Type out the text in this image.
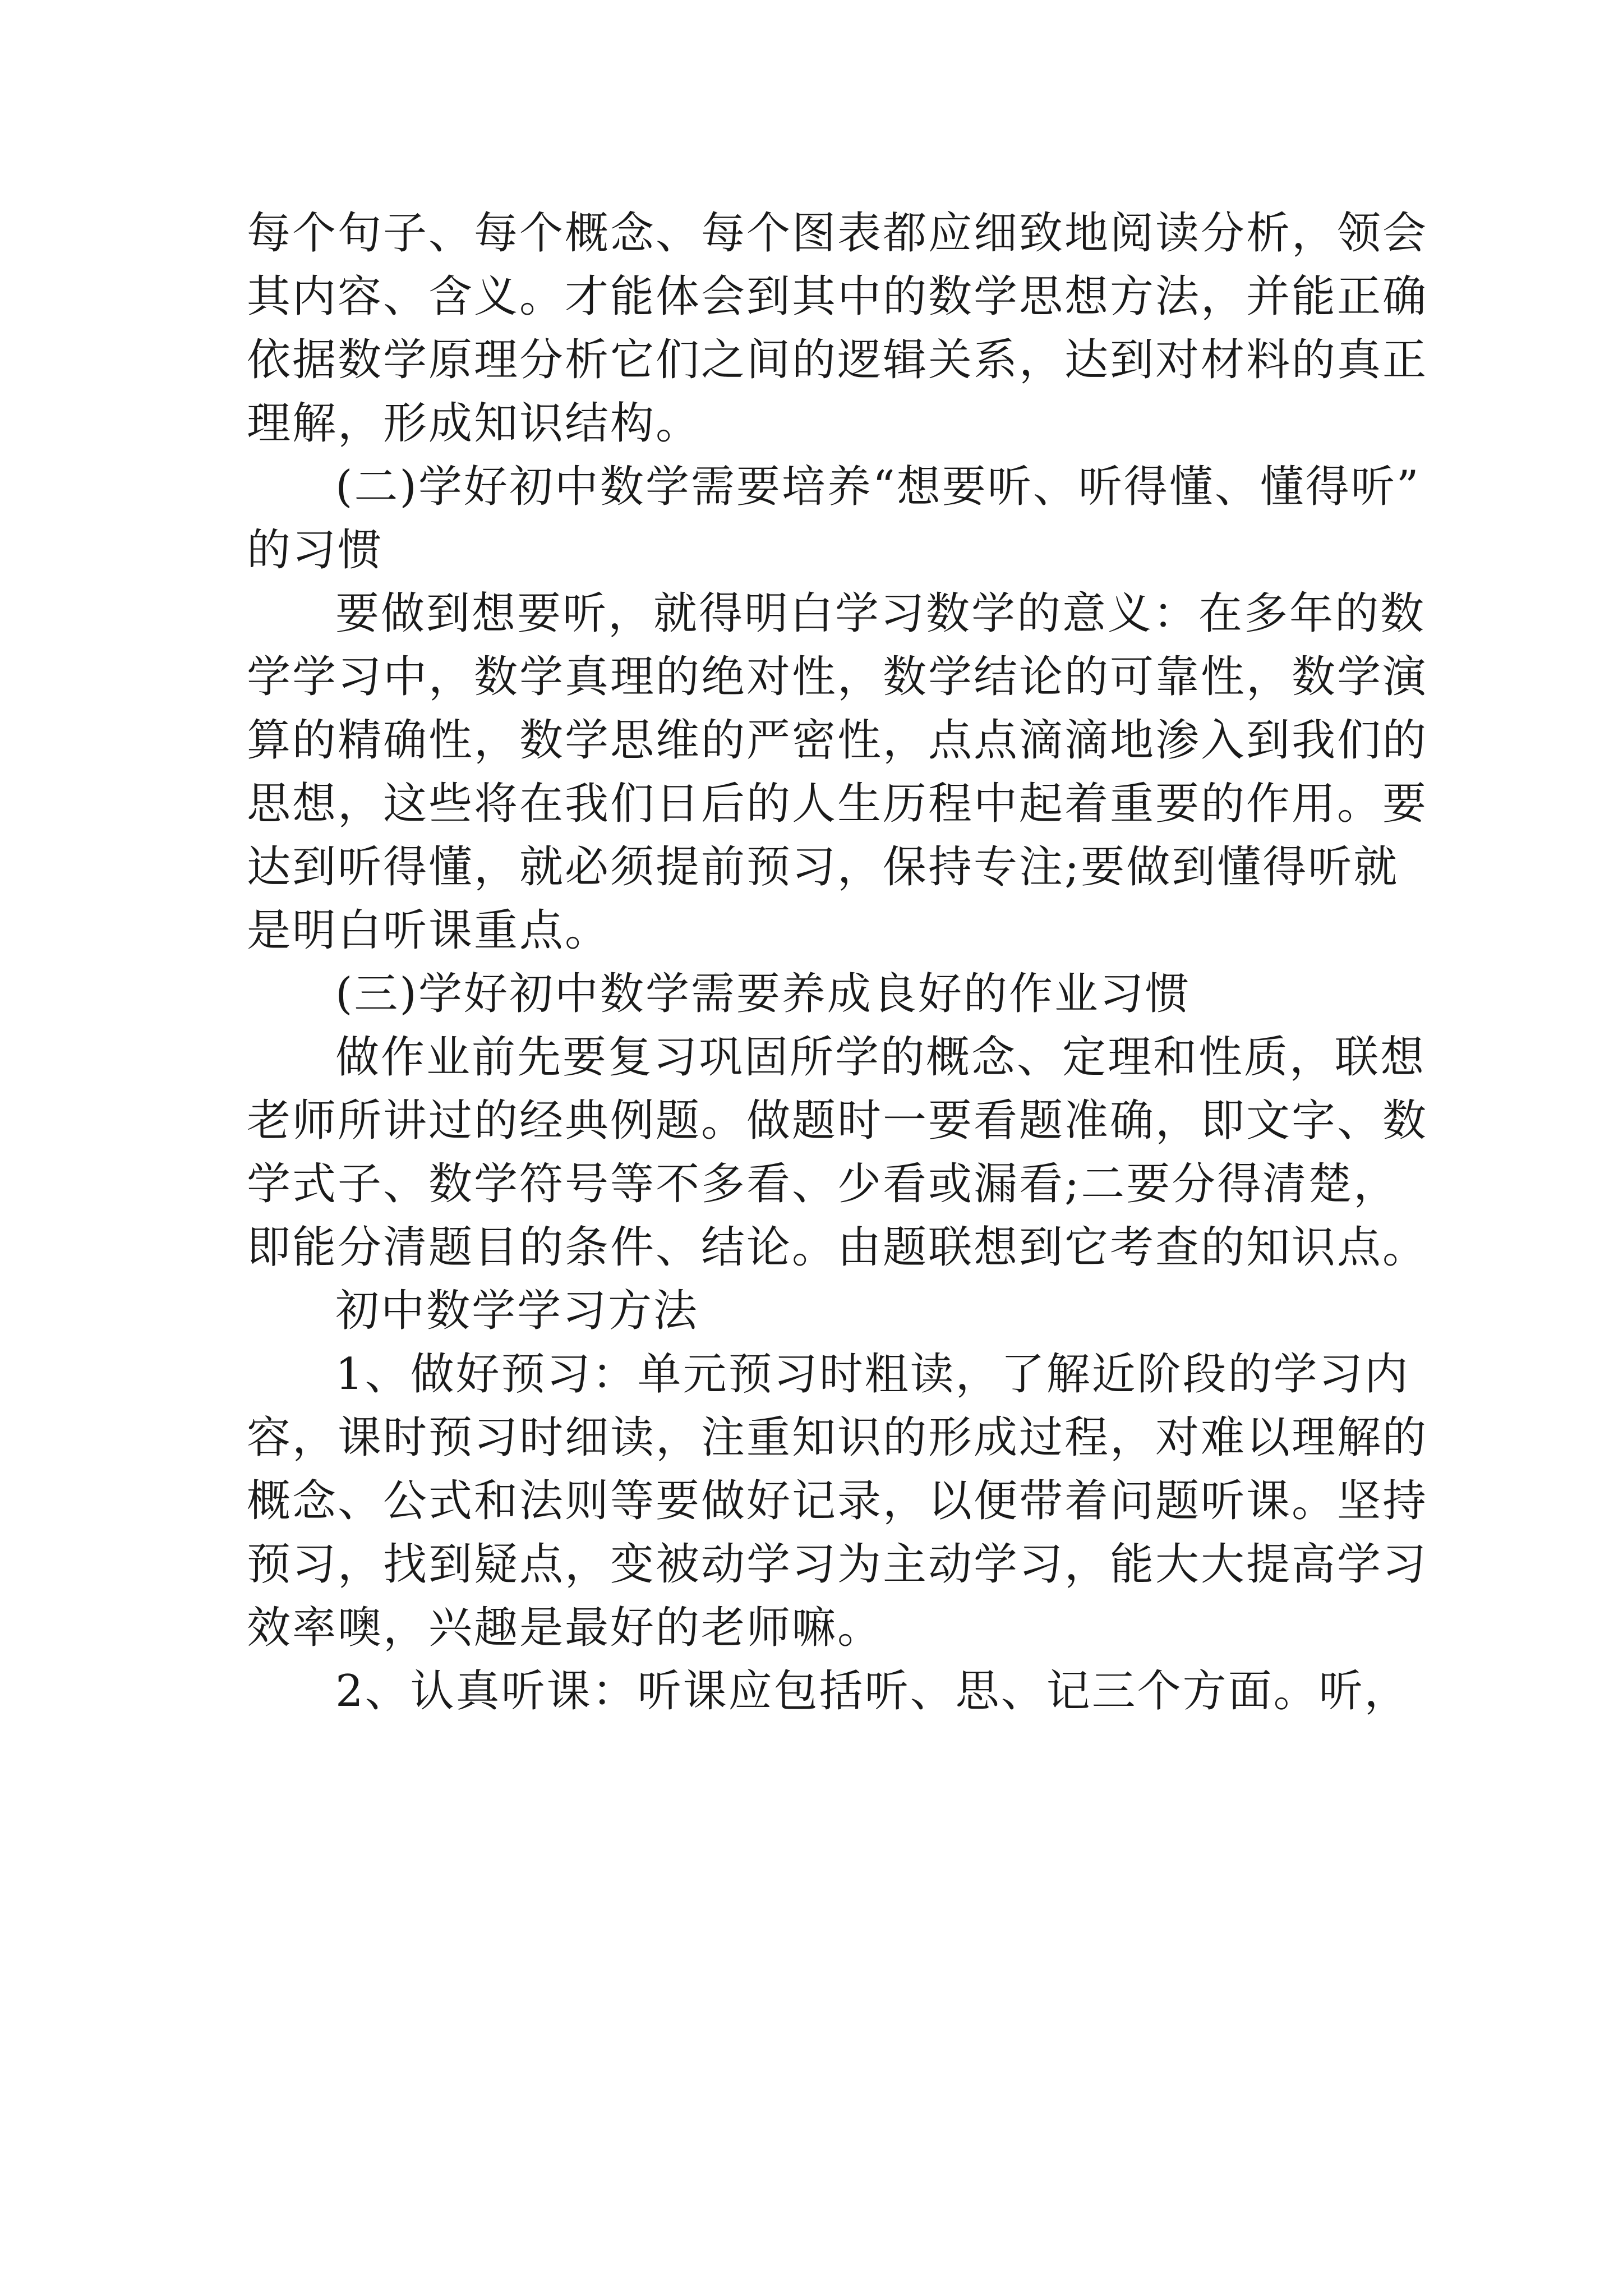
每个句子、每个概念、每个图表都应细致地阅读分析，领会
其内容、含义。才能体会到其中的数学思想方法，并能正确
依据数学原理分析它们之间的逻辑关系，达到对材料的真正
理解，形成知识结构。
(二)学好初中数学需要培养“想要听、听得懂、懂得听”
的习惯
要做到想要听，就得明白学习数学的意义：在多年的数
学学习中，数学真理的绝对性，数学结论的可靠性，数学演
算的精确性，数学思维的严密性，点点滴滴地渗入到我们的
思想，这些将在我们日后的人生历程中起着重要的作用。要
达到听得懂，就必须提前预习，保持专注;要做到懂得听就
是明白听课重点。
(三)学好初中数学需要养成良好的作业习惯
做作业前先要复习巩固所学的概念、定理和性质，联想
老师所讲过的经典例题。做题时一要看题准确，即文字、数
学式子、数学符号等不多看、少看或漏看;二要分得清楚，
即能分清题目的条件、结论。由题联想到它考查的知识点。
初中数学学习方法
1、做好预习：单元预习时粗读，了解近阶段的学习内
容，课时预习时细读，注重知识的形成过程，对难以理解的
概念、公式和法则等要做好记录，以便带着问题听课。坚持
预习，找到疑点，变被动学习为主动学习，能大大提高学习
效率噢，兴趣是最好的老师嘛。
2、认真听课：听课应包括听、思、记三个方面。听，
